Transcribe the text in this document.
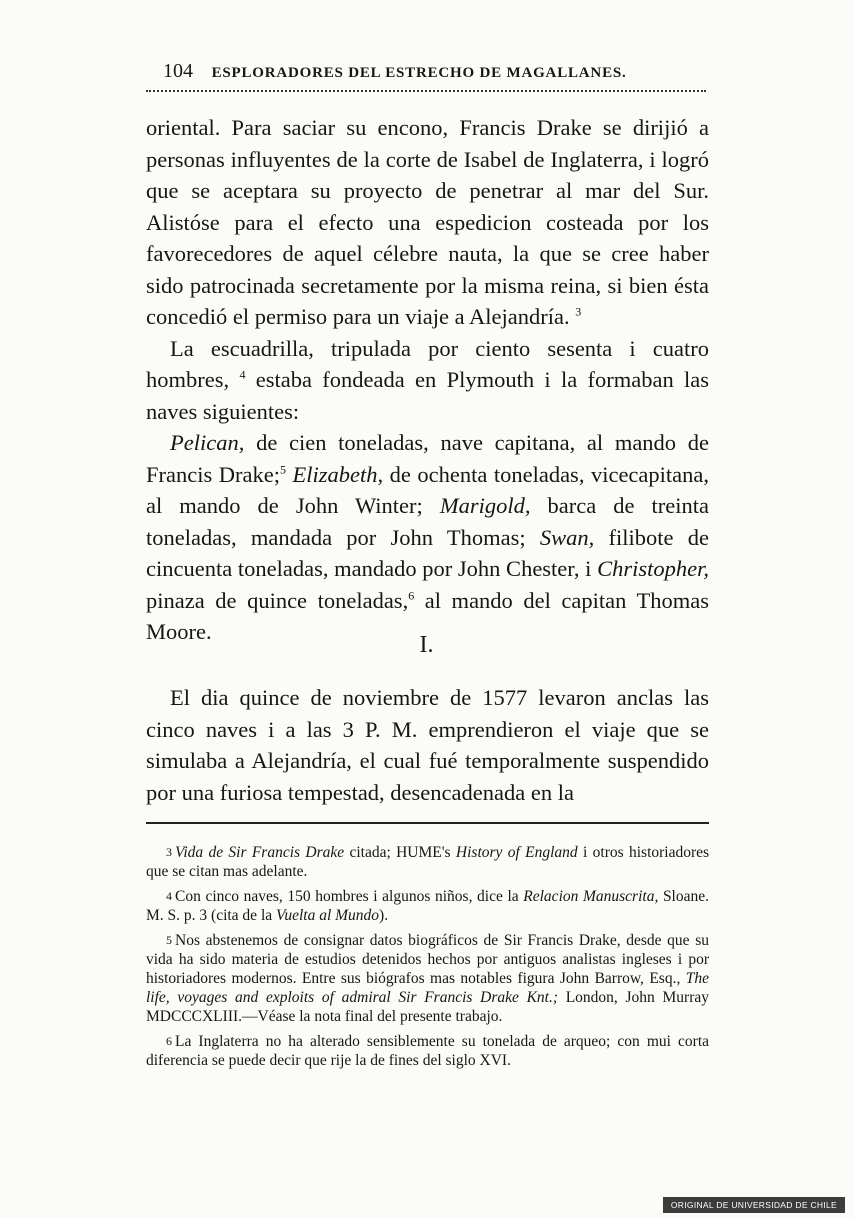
104 ESPLORADORES DEL ESTRECHO DE MAGALLANES.

oriental. Para saciar su encono, Francis Drake se dirijió a personas influyentes de la corte de Isabel de Inglaterra, i logró que se aceptara su proyecto de penetrar al mar del Sur. Alistóse para el efecto una espedicion costeada por los favorecedores de aquel célebre nauta, la que se cree haber sido patrocinada secretamente por la misma reina, si bien ésta concedió el permiso para un viaje a Alejandría. $^3$

La escuadrilla, tripulada por ciento sesenta i cuatro hombres, $^4$ estaba fondeada en Plymouth i la formaban las naves siguientes:

Pelican, de cien toneladas, nave capitana, al mando de Francis Drake;$^5$ Elizabeth, de ochenta toneladas, vicecapitana, al mando de John Winter; Marigold, barca de treinta toneladas, mandada por John Thomas; Swan, filibote de cincuenta toneladas, mandado por John Chester, i Christopher, pinaza de quince toneladas,$^6$ al mando del capitan Thomas Moore.

I.

El dia quince de noviembre de 1577 levaron anclas las cinco naves i a las 3 P. M. emprendieron el viaje que se simulaba a Alejandría, el cual fué temporalmente suspendido por una furiosa tempestad, desencadenada en la

$^3$ Vida de Sir Francis Drake citada; HUME's History of England i otros historiadores que se citan mas adelante.

$^4$ Con cinco naves, 150 hombres i algunos niños, dice la Relacion Manuscrita, Sloane. M. S. p. 3 (cita de la Vuelta al Mundo).

$^5$ Nos abstenemos de consignar datos biográficos de Sir Francis Drake, desde que su vida ha sido materia de estudios detenidos hechos por antiguos analistas ingleses i por historiadores modernos. Entre sus biógrafos mas notables figura John Barrow, Esq., The life, voyages and exploits of admiral Sir Francis Drake Knt.; London, John Murray MDCCCXLIII.—Véase la nota final del presente trabajo.

$^6$ La Inglaterra no ha alterado sensiblemente su tonelada de arqueo; con mui corta diferencia se puede decir que rije la de fines del siglo XVI.

ORIGINAL DE UNIVERSIDAD DE CHILE
